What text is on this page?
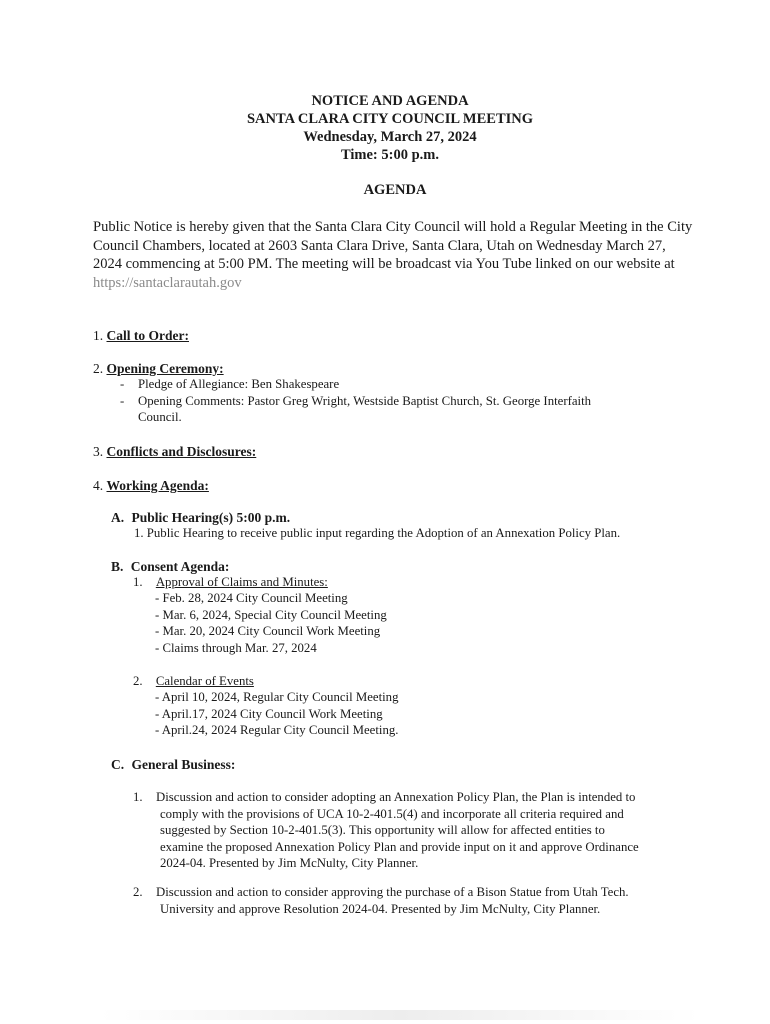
NOTICE AND AGENDA
SANTA CLARA CITY COUNCIL MEETING
Wednesday, March 27, 2024
Time: 5:00 p.m.
AGENDA
Public Notice is hereby given that the Santa Clara City Council will hold a Regular Meeting in the City Council Chambers, located at 2603 Santa Clara Drive, Santa Clara, Utah on Wednesday March 27, 2024 commencing at 5:00 PM. The meeting will be broadcast via You Tube linked on our website at https://santaclarautah.gov
1. Call to Order:
2. Opening Ceremony:
-	Pledge of Allegiance: Ben Shakespeare
-	Opening Comments: Pastor Greg Wright, Westside Baptist Church, St. George Interfaith Council.
3. Conflicts and Disclosures:
4. Working Agenda:
A. Public Hearing(s) 5:00 p.m.
1. Public Hearing to receive public input regarding the Adoption of an Annexation Policy Plan.
B. Consent Agenda:
1. Approval of Claims and Minutes:
- Feb. 28, 2024 City Council Meeting
- Mar. 6, 2024, Special City Council Meeting
- Mar. 20, 2024 City Council Work Meeting
- Claims through Mar. 27, 2024
2. Calendar of Events
- April 10, 2024, Regular City Council Meeting
- April.17, 2024 City Council Work Meeting
- April.24, 2024 Regular City Council Meeting.
C. General Business:
1. Discussion and action to consider adopting an Annexation Policy Plan, the Plan is intended to
comply with the provisions of UCA 10-2-401.5(4) and incorporate all criteria required and
suggested by Section 10-2-401.5(3). This opportunity will allow for affected entities to
examine the proposed Annexation Policy Plan and provide input on it and approve Ordinance
2024-04. Presented by Jim McNulty, City Planner.
2. Discussion and action to consider approving the purchase of a Bison Statue from Utah Tech.
University and approve Resolution 2024-04. Presented by Jim McNulty, City Planner.
